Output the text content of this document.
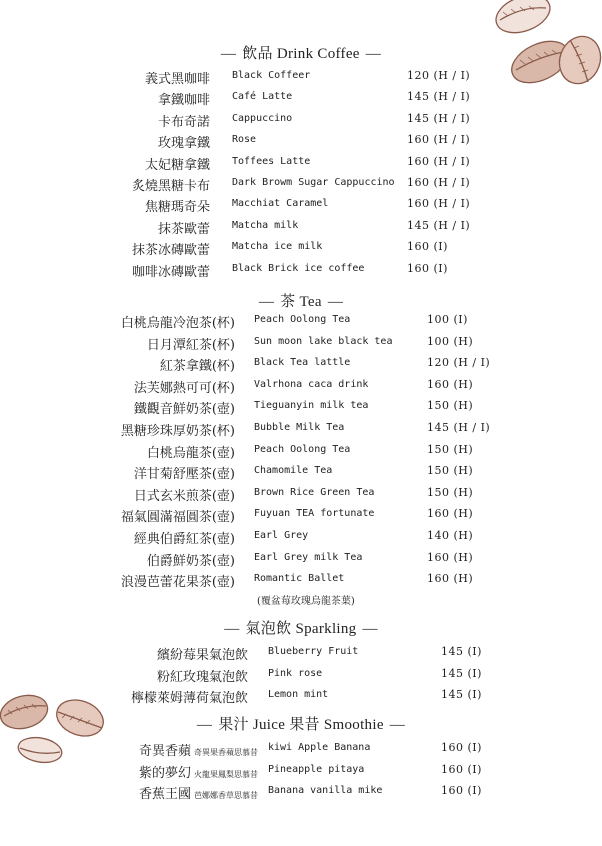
— 飲品 Drink Coffee —
義式黑咖啡 Black Coffeer	120 (H / I)
拿鐵咖啡 Café Latte	145 (H / I)
卡布奇諾 Cappuccino	145 (H / I)
玫瑰拿鐵 Rose	160 (H / I)
太妃糖拿鐵 Toffees Latte	160 (H / I)
炙燒黑糖卡布 Dark Browm Sugar Cappuccino 160 (H / I)
焦糖瑪奇朵 Macchiat Caramel	160 (H / I)
抹茶歐蕾 Matcha milk	145 (H / I)
抹茶冰磚歐蕾 Matcha ice milk	160 (I)
咖啡冰磚歐蕾 Black Brick ice coffee	160 (I)
— 茶 Tea —
白桃烏龍冷泡茶(杯) Peach Oolong Tea	100 (I)
日月潭紅茶(杯) Sun moon lake black tea	100 (H)
紅茶拿鐵(杯) Black Tea lattle	120 (H / I)
法芙娜熱可可(杯) Valrhona caca drink	160 (H)
鐵觀音鮮奶茶(壺) Tieguanyin milk tea	150 (H)
黑糖珍珠厚奶茶(杯) Bubble Milk Tea	145 (H / I)
白桃烏龍茶(壺) Peach Oolong Tea	150 (H)
洋甘菊舒壓茶(壺) Chamomile Tea	150 (H)
日式玄米煎茶(壺) Brown Rice Green Tea	150 (H)
福氣圓滿福圓茶(壺) Fuyuan TEA fortunate	160 (H)
經典伯爵紅茶(壺) Earl Grey	140 (H)
伯爵鮮奶茶(壺) Earl Grey milk Tea	160 (H)
浪漫芭蕾花果茶(壺) Romantic Ballet	160 (H)
(覆盆莓玫瑰烏龍茶葉)
— 氣泡飲 Sparkling —
繽紛莓果氣泡飲 Blueberry Fruit	145 (I)
粉紅玫瑰氣泡飲 Pink rose	145 (I)
檸檬萊姆薄荷氣泡飲 Lemon mint	145 (I)
— 果汁 Juice 果昔 Smoothie —
奇異香蘋 奇異果香蘋思慕昔 kiwi Apple Banana	160 (I)
紫的夢幻 火龍果鳳梨思慕昔 Pineapple pitaya	160 (I)
香蕉王國 芭娜娜香草思慕昔 Banana vanilla mike	160 (I)
